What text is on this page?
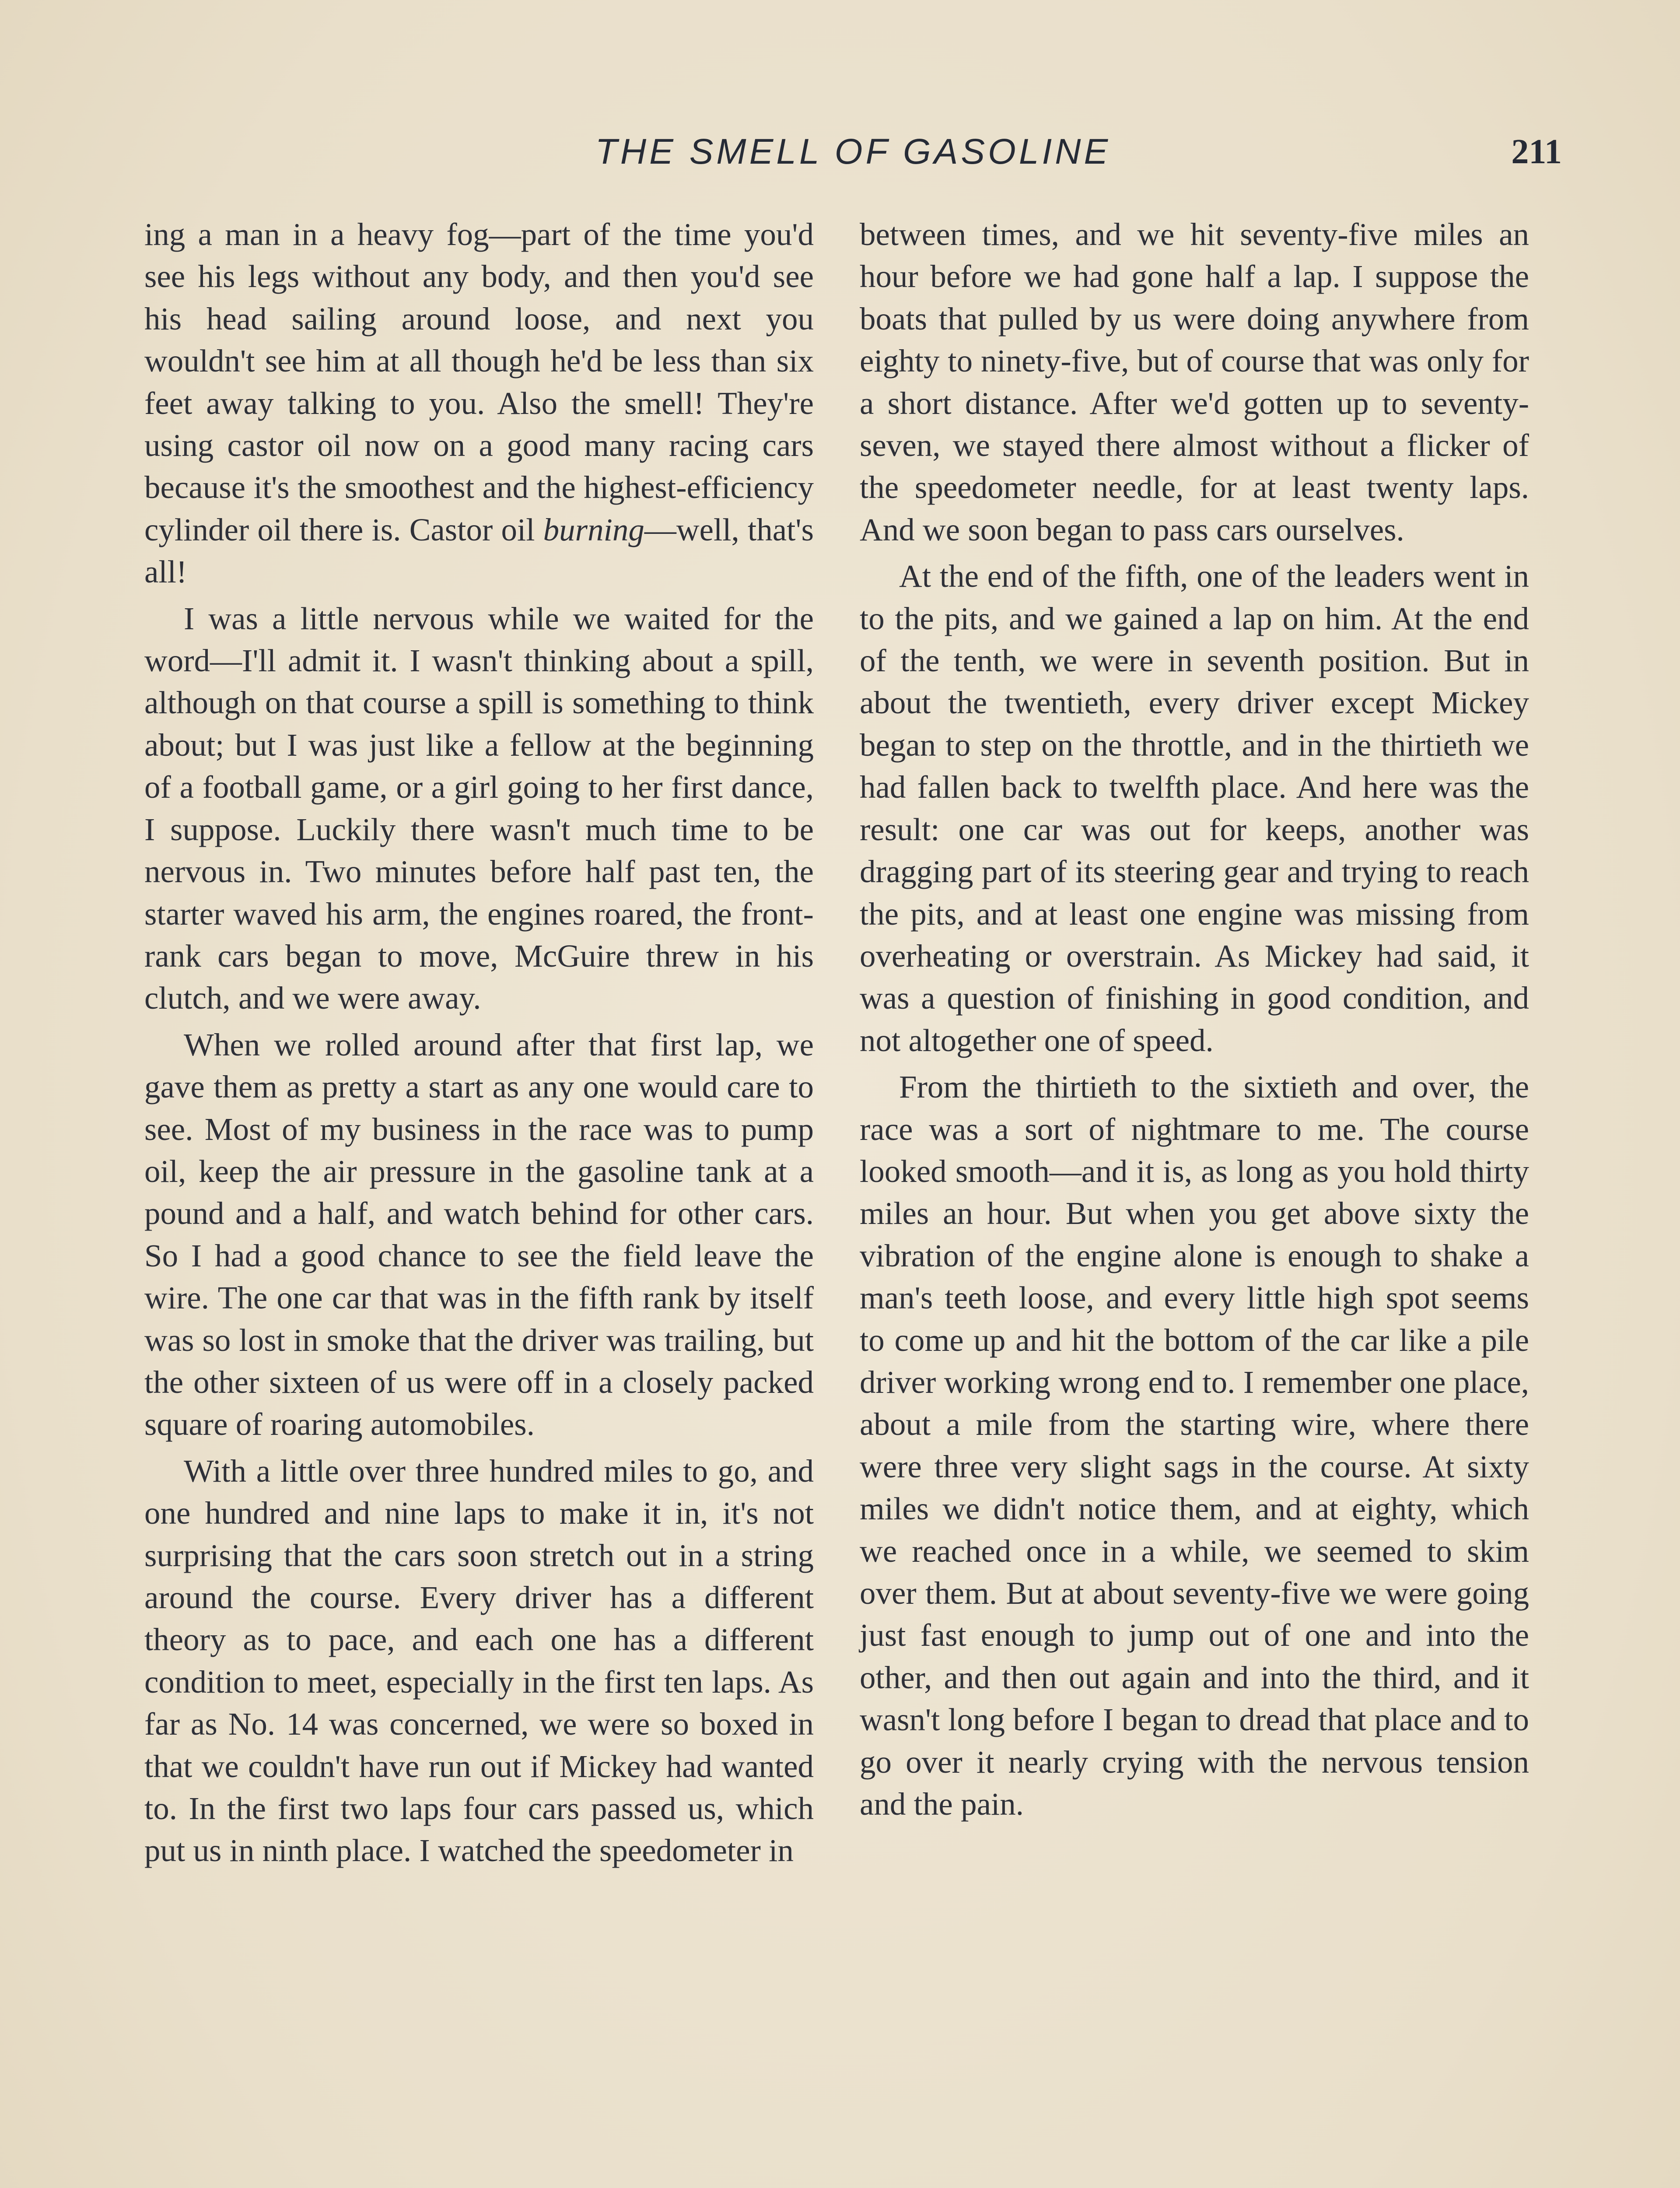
THE SMELL OF GASOLINE	211

ing a man in a heavy fog—part of the time you'd see his legs without any body, and then you'd see his head sailing around loose, and next you wouldn't see him at all though he'd be less than six feet away talking to you. Also the smell! They're using castor oil now on a good many racing cars because it's the smoothest and the highest-efficiency cylinder oil there is. Castor oil burning—well, that's all!

I was a little nervous while we waited for the word—I'll admit it. I wasn't thinking about a spill, although on that course a spill is something to think about; but I was just like a fellow at the beginning of a football game, or a girl going to her first dance, I suppose. Luckily there wasn't much time to be nervous in. Two minutes before half past ten, the starter waved his arm, the engines roared, the front-rank cars began to move, McGuire threw in his clutch, and we were away.

When we rolled around after that first lap, we gave them as pretty a start as any one would care to see. Most of my business in the race was to pump oil, keep the air pressure in the gasoline tank at a pound and a half, and watch behind for other cars. So I had a good chance to see the field leave the wire. The one car that was in the fifth rank by itself was so lost in smoke that the driver was trailing, but the other sixteen of us were off in a closely packed square of roaring automobiles.

With a little over three hundred miles to go, and one hundred and nine laps to make it in, it's not surprising that the cars soon stretch out in a string around the course. Every driver has a different theory as to pace, and each one has a different condition to meet, especially in the first ten laps. As far as No. 14 was concerned, we were so boxed in that we couldn't have run out if Mickey had wanted to. In the first two laps four cars passed us, which put us in ninth place. I watched the speedometer in

between times, and we hit seventy-five miles an hour before we had gone half a lap. I suppose the boats that pulled by us were doing anywhere from eighty to ninety-five, but of course that was only for a short distance. After we'd gotten up to seventy-seven, we stayed there almost without a flicker of the speedometer needle, for at least twenty laps. And we soon began to pass cars ourselves.

At the end of the fifth, one of the leaders went in to the pits, and we gained a lap on him. At the end of the tenth, we were in seventh position. But in about the twentieth, every driver except Mickey began to step on the throttle, and in the thirtieth we had fallen back to twelfth place. And here was the result: one car was out for keeps, another was dragging part of its steering gear and trying to reach the pits, and at least one engine was missing from overheating or overstrain. As Mickey had said, it was a question of finishing in good condition, and not altogether one of speed.

From the thirtieth to the sixtieth and over, the race was a sort of nightmare to me. The course looked smooth—and it is, as long as you hold thirty miles an hour. But when you get above sixty the vibration of the engine alone is enough to shake a man's teeth loose, and every little high spot seems to come up and hit the bottom of the car like a pile driver working wrong end to. I remember one place, about a mile from the starting wire, where there were three very slight sags in the course. At sixty miles we didn't notice them, and at eighty, which we reached once in a while, we seemed to skim over them. But at about seventy-five we were going just fast enough to jump out of one and into the other, and then out again and into the third, and it wasn't long before I began to dread that place and to go over it nearly crying with the nervous tension and the pain.
